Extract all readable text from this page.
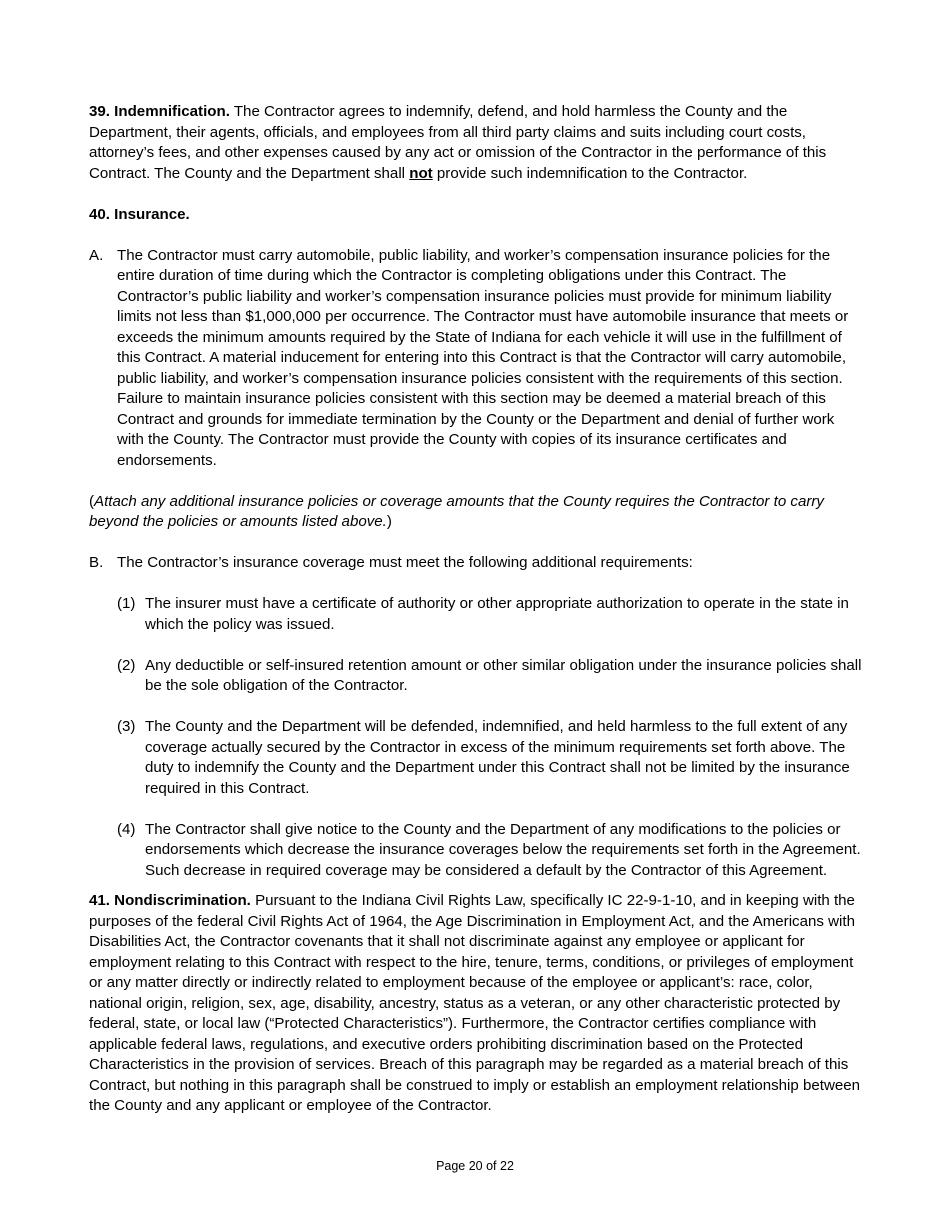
39. Indemnification. The Contractor agrees to indemnify, defend, and hold harmless the County and the Department, their agents, officials, and employees from all third party claims and suits including court costs, attorney’s fees, and other expenses caused by any act or omission of the Contractor in the performance of this Contract. The County and the Department shall not provide such indemnification to the Contractor.

40. Insurance.

A. The Contractor must carry automobile, public liability, and worker’s compensation insurance policies for the entire duration of time during which the Contractor is completing obligations under this Contract. The Contractor’s public liability and worker’s compensation insurance policies must provide for minimum liability limits not less than $1,000,000 per occurrence. The Contractor must have automobile insurance that meets or exceeds the minimum amounts required by the State of Indiana for each vehicle it will use in the fulfillment of this Contract. A material inducement for entering into this Contract is that the Contractor will carry automobile, public liability, and worker’s compensation insurance policies consistent with the requirements of this section. Failure to maintain insurance policies consistent with this section may be deemed a material breach of this Contract and grounds for immediate termination by the County or the Department and denial of further work with the County. The Contractor must provide the County with copies of its insurance certificates and endorsements.

(Attach any additional insurance policies or coverage amounts that the County requires the Contractor to carry beyond the policies or amounts listed above.)

B. The Contractor’s insurance coverage must meet the following additional requirements:
(1) The insurer must have a certificate of authority or other appropriate authorization to operate in the state in which the policy was issued.
(2) Any deductible or self-insured retention amount or other similar obligation under the insurance policies shall be the sole obligation of the Contractor.
(3) The County and the Department will be defended, indemnified, and held harmless to the full extent of any coverage actually secured by the Contractor in excess of the minimum requirements set forth above. The duty to indemnify the County and the Department under this Contract shall not be limited by the insurance required in this Contract.
(4) The Contractor shall give notice to the County and the Department of any modifications to the policies or endorsements which decrease the insurance coverages below the requirements set forth in the Agreement. Such decrease in required coverage may be considered a default by the Contractor of this Agreement.

41. Nondiscrimination. Pursuant to the Indiana Civil Rights Law, specifically IC 22-9-1-10, and in keeping with the purposes of the federal Civil Rights Act of 1964, the Age Discrimination in Employment Act, and the Americans with Disabilities Act, the Contractor covenants that it shall not discriminate against any employee or applicant for employment relating to this Contract with respect to the hire, tenure, terms, conditions, or privileges of employment or any matter directly or indirectly related to employment because of the employee or applicant’s: race, color, national origin, religion, sex, age, disability, ancestry, status as a veteran, or any other characteristic protected by federal, state, or local law (“Protected Characteristics”). Furthermore, the Contractor certifies compliance with applicable federal laws, regulations, and executive orders prohibiting discrimination based on the Protected Characteristics in the provision of services. Breach of this paragraph may be regarded as a material breach of this Contract, but nothing in this paragraph shall be construed to imply or establish an employment relationship between the County and any applicant or employee of the Contractor.

Page 20 of 22
